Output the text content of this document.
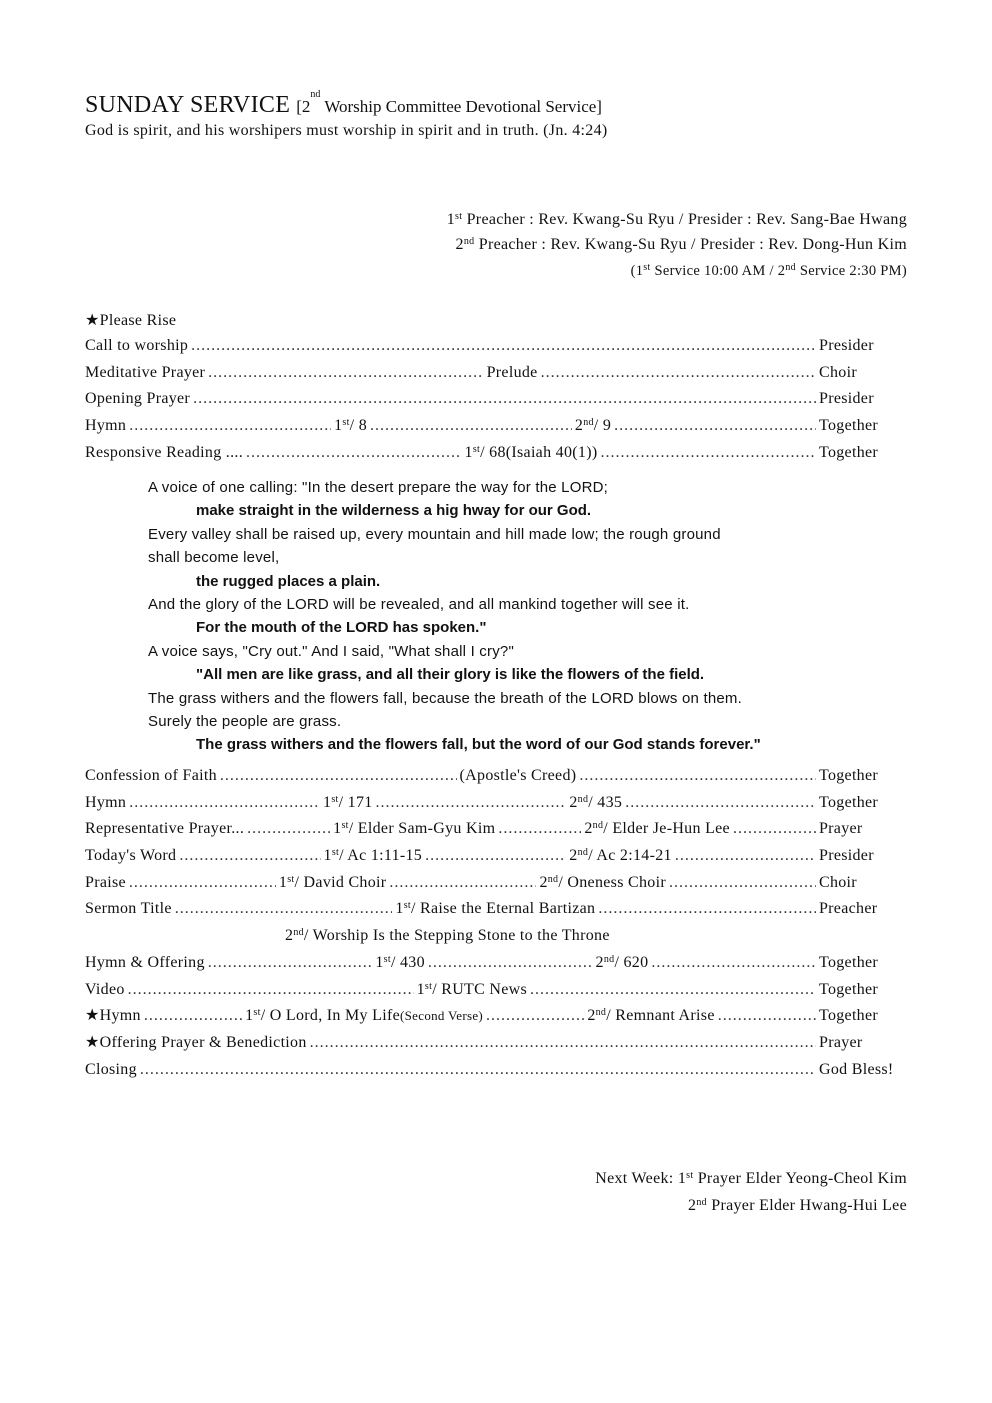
SUNDAY SERVICE [2nd Worship Committee Devotional Service]
God is spirit, and his worshipers must worship in spirit and in truth. (Jn. 4:24)
1st Preacher : Rev. Kwang-Su Ryu / Presider : Rev. Sang-Bae Hwang
2nd Preacher : Rev. Kwang-Su Ryu / Presider : Rev. Dong-Hun Kim
(1st Service 10:00 AM / 2nd Service 2:30 PM)
★Please Rise
Call to worship .....	Presider
Meditative Prayer .....	Prelude .....	Choir
Opening Prayer .....	Presider
Hymn .....	1st / 8 .....	2nd / 9 .....	Together
Responsive Reading .... .....	1st / 68(Isaiah 40(1)) .....	Together
A voice of one calling: "In the desert prepare the way for the LORD;
make straight in the wilderness a hig hway for our God.
Every valley shall be raised up, every mountain and hill made low; the rough ground
shall become level,
the rugged places a plain.
And the glory of the LORD will be revealed, and all mankind together will see it.
For the mouth of the LORD has spoken."
A voice says, "Cry out." And I said, "What shall I cry?"
"All men are like grass, and all their glory is like the flowers of the field.
The grass withers and the flowers fall, because the breath of the LORD blows on them.
Surely the people are grass.
The grass withers and the flowers fall, but the word of our God stands forever."
Confession of Faith .....	(Apostle's Creed) .....	Together
Hymn .....	1st / 171 .....	2nd / 435 .....	Together
Representative Prayer... .....	1st / Elder Sam-Gyu Kim .....	2nd / Elder Je-Hun Lee .....	Prayer
Today's Word .....	1st / Ac 1:11-15 .....	2nd / Ac 2:14-21 .....	Presider
Praise .....	1st / David Choir .....	2nd / Oneness Choir .....	Choir
Sermon Title .....	1st / Raise the Eternal Bartizan .....	Preacher
2nd / Worship Is the Stepping Stone to the Throne
Hymn & Offering .....	1st / 430 .....	2nd / 620 .....	Together
Video .....	1st / RUTC News .....	Together
★Hymn .....	1st / O Lord, In My Life (Second Verse) .....	2nd / Remnant Arise .....	Together
★Offering Prayer & Benediction .....	Prayer
Closing .....	God Bless!
Next Week: 1st Prayer Elder Yeong-Cheol Kim
2nd Prayer Elder Hwang-Hui Lee
